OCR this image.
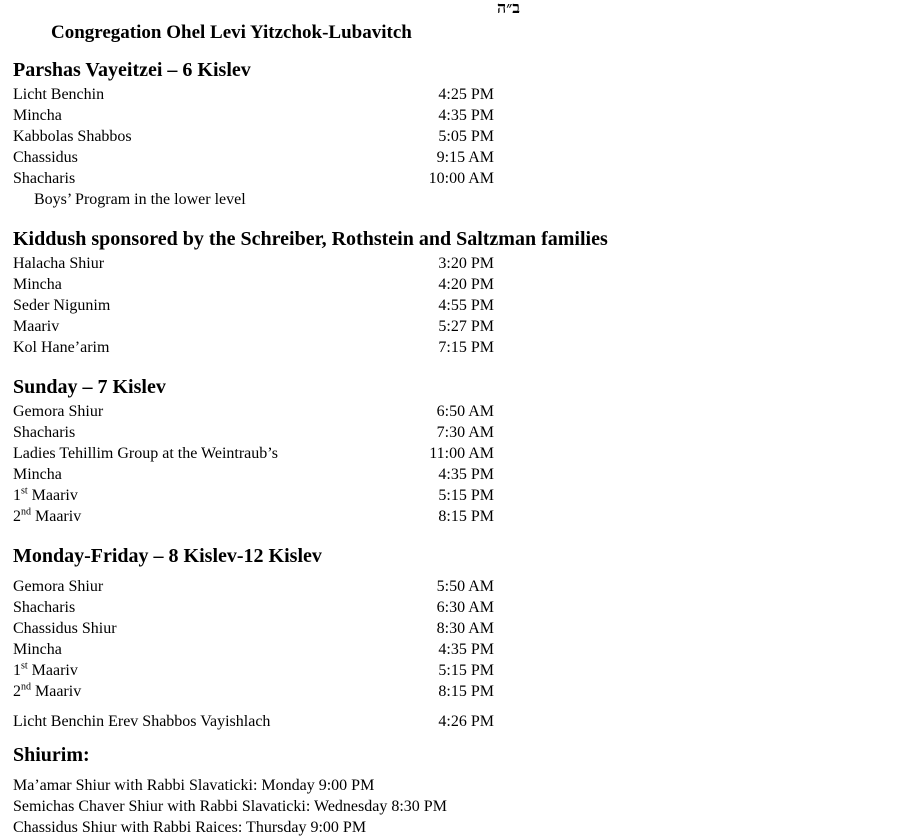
ב״ה
Congregation Ohel Levi Yitzchok-Lubavitch
Parshas Vayeitzei – 6 Kislev
Licht Benchin	4:25 PM
Mincha	4:35 PM
Kabbolas Shabbos	5:05 PM
Chassidus	9:15 AM
Shacharis	10:00 AM
Boys’ Program in the lower level
Kiddush sponsored by the Schreiber, Rothstein and Saltzman families
Halacha Shiur	3:20 PM
Mincha	4:20 PM
Seder Nigunim	4:55 PM
Maariv	5:27 PM
Kol Hane’arim	7:15 PM
Sunday – 7 Kislev
Gemora Shiur	6:50 AM
Shacharis	7:30 AM
Ladies Tehillim Group at the Weintraub’s	11:00 AM
Mincha	4:35 PM
1st Maariv	5:15 PM
2nd Maariv	8:15 PM
Monday-Friday – 8 Kislev-12 Kislev
Gemora Shiur	5:50 AM
Shacharis	6:30 AM
Chassidus Shiur	8:30 AM
Mincha	4:35 PM
1st Maariv	5:15 PM
2nd Maariv	8:15 PM
Licht Benchin Erev Shabbos Vayishlach	4:26 PM
Shiurim:
Ma’amar Shiur with Rabbi Slavaticki: Monday 9:00 PM
Semichas Chaver Shiur with Rabbi Slavaticki: Wednesday 8:30 PM
Chassidus Shiur with Rabbi Raices: Thursday 9:00 PM
